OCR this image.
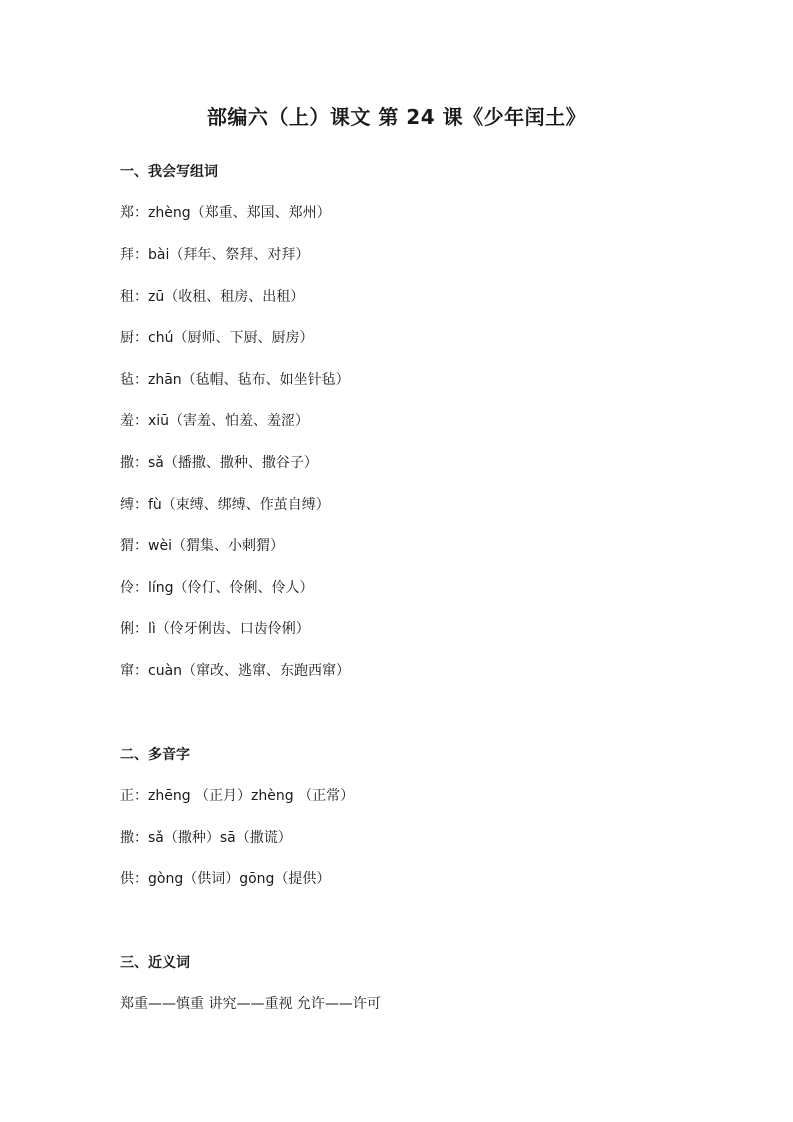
部编六（上）课文 第 24 课《少年闰土》
一、我会写组词
郑：zhèng（郑重、郑国、郑州）
拜：bài（拜年、祭拜、对拜）
租：zū（收租、租房、出租）
厨：chú（厨师、下厨、厨房）
毡：zhān（毡帽、毡布、如坐针毡）
羞：xiū（害羞、怕羞、羞涩）
撒：sǎ（播撒、撒种、撒谷子）
缚：fù（束缚、绑缚、作茧自缚）
猬：wèi（猬集、小刺猬）
伶：líng（伶仃、伶俐、伶人）
俐：lì（伶牙俐齿、口齿伶俐）
窜：cuàn（窜改、逃窜、东跑西窜）
二、多音字
正：zhēng （正月）zhèng （正常）
撒：sǎ（撒种）sā（撒谎）
供：gòng（供词）gōng（提供）
三、近义词
郑重——慎重 讲究——重视 允许——许可
